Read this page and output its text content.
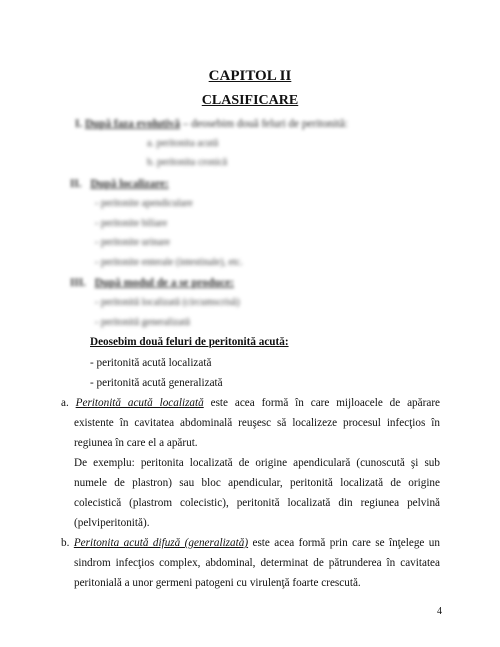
CAPITOL II
CLASIFICARE
I. După faza evolutivă – deosebim două feluri de peritonită:
a. peritonita acută
b. peritonita cronică
II. După localizare:
- peritonite apendiculare
- peritonite biliare
- peritonite urinare
- peritonite enterale (intestinale), etc.
III. După modul de a se produce:
- peritonită localizată (circumscrisă)
- peritonită generalizată
Deosebim două feluri de peritonită acută:
- peritonită acută localizată
- peritonită acută generalizată
a. Peritonită acută localizată este acea formă în care mijloacele de apărare
existente în cavitatea abdominală reuşesc să localizeze procesul infecţios în
regiunea în care el a apărut.
De exemplu: peritonita localizată de origine apendiculară (cunoscută şi sub
numele de plastron) sau bloc apendicular, peritonită localizată de origine
colecistică (plastrom colecistic), peritonită localizată din regiunea pelvină
(pelviperitonită).
b. Peritonita acută difuză (generalizată) este acea formă prin care se înţelege un
sindrom infecţios complex, abdominal, determinat de pătrunderea în cavitatea
peritonială a unor germeni patogeni cu virulenţă foarte crescută.
4
